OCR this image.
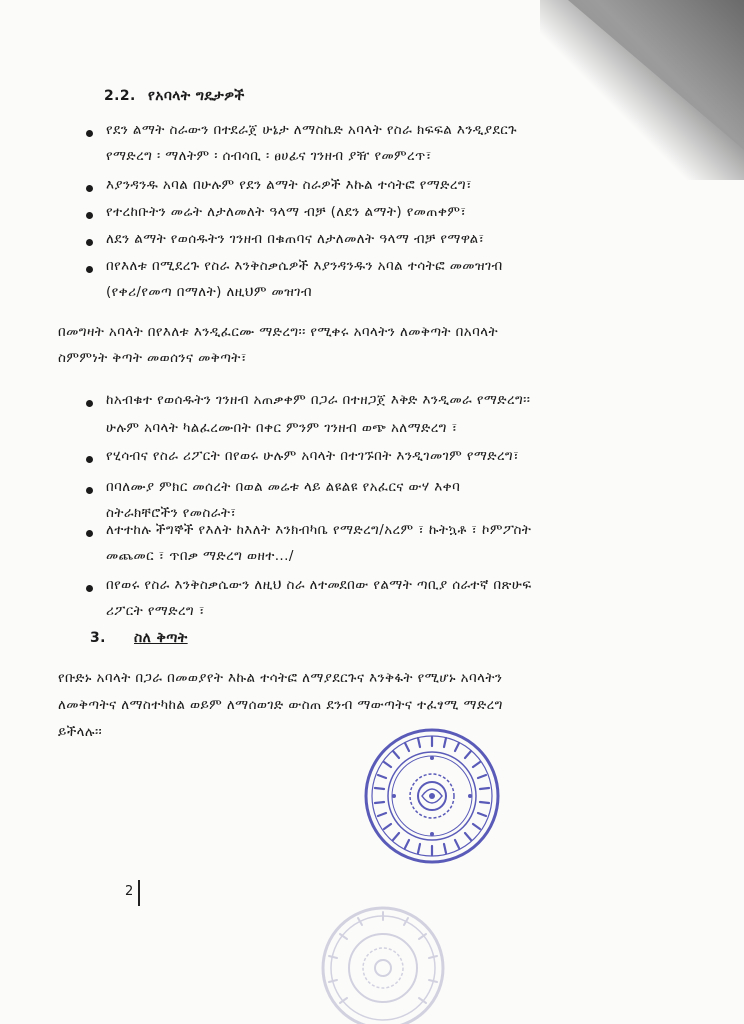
2.2. የአባላት ግዴታዎች
የደን ልማት ስራውን በተደራጀ ሁኔታ ለማስኬድ አባላት የስራ ክፍፍል እንዲያደርጉ
የማድረግ ፡ ማለትም ፡ ሰብሳቢ ፡ ፀሀፊና ገንዘብ ያዥ የመምረጥ፣
እያንዳንዱ አባል በሁሉም የደን ልማት ስራዎች እኩል ተሳትፎ የማድረግ፣
የተረከቡትን መሬት ለታለመለት ዓላማ ብቻ (ለደን ልማት) የመጠቀም፣
ለደን ልማት የወሰዱትን ገንዘብ በቁጠባና ለታለመለት ዓላማ ብቻ የማዋል፣
በየእለቱ በሚደረጉ የስራ እንቅስቃሴዎች እያንዳንዱን አባል ተሳትፎ መመዝገብ
(የቀሪ/የመጣ በማለት) ለዚህም መዝገብ
በመግዛት አባላት በየእለቱ እንዲፈርሙ ማድረግ፡፡ የሚቀሩ አባላትን ለመቅጣት በአባላት
ስምምነት ቅጣት መወሰንና መቅጣት፣
ከአብቁተ የወሰዱትን ገንዘብ አጠቃቀም በጋራ በተዘጋጀ እቅድ እንዲመራ የማድረግ፡፡
ሁሉም አባላት ካልፈረሙበት በቀር ምንም ገንዘብ ወጭ አለማድረግ ፣
የሂሳብና የስራ ሪፖርት በየወሩ ሁሉም አባላት በተገኙበት እንዲገመገም የማድረግ፣
በባለሙያ ምክር መሰረት በወል መሬቱ ላይ ልዩልዩ የአፈርና ውሃ እቀባ
ስትራክቸሮችን የመስራት፣
ለተተከሉ ችግኞች የእለት ከእለት እንክብካቤ የማድረግ/አረም ፣ ኩትኳቶ ፣ ኮምፖስት
መጨመር ፣ ጥበቃ ማድረግ ወዘተ.../
በየወሩ የስራ እንቅስቃሴውን ለዚህ ስራ ለተመደበው የልማት ጣቢያ ሰራተኛ በጽሁፍ
ሪፖርት የማድረግ ፣
3. ስለ ቅጣት
የቡድኑ አባላት በጋራ በመወያየት እኩል ተሳትፎ ለማያደርጉና እንቅፋት የሚሆኑ አባላትን
ለመቅጣትና ለማስተካከል ወይም ለማሰወገድ ውስጠ ደንብ ማውጣትና ተፈፃሚ ማድረግ
ይችላሉ፡፡
2
